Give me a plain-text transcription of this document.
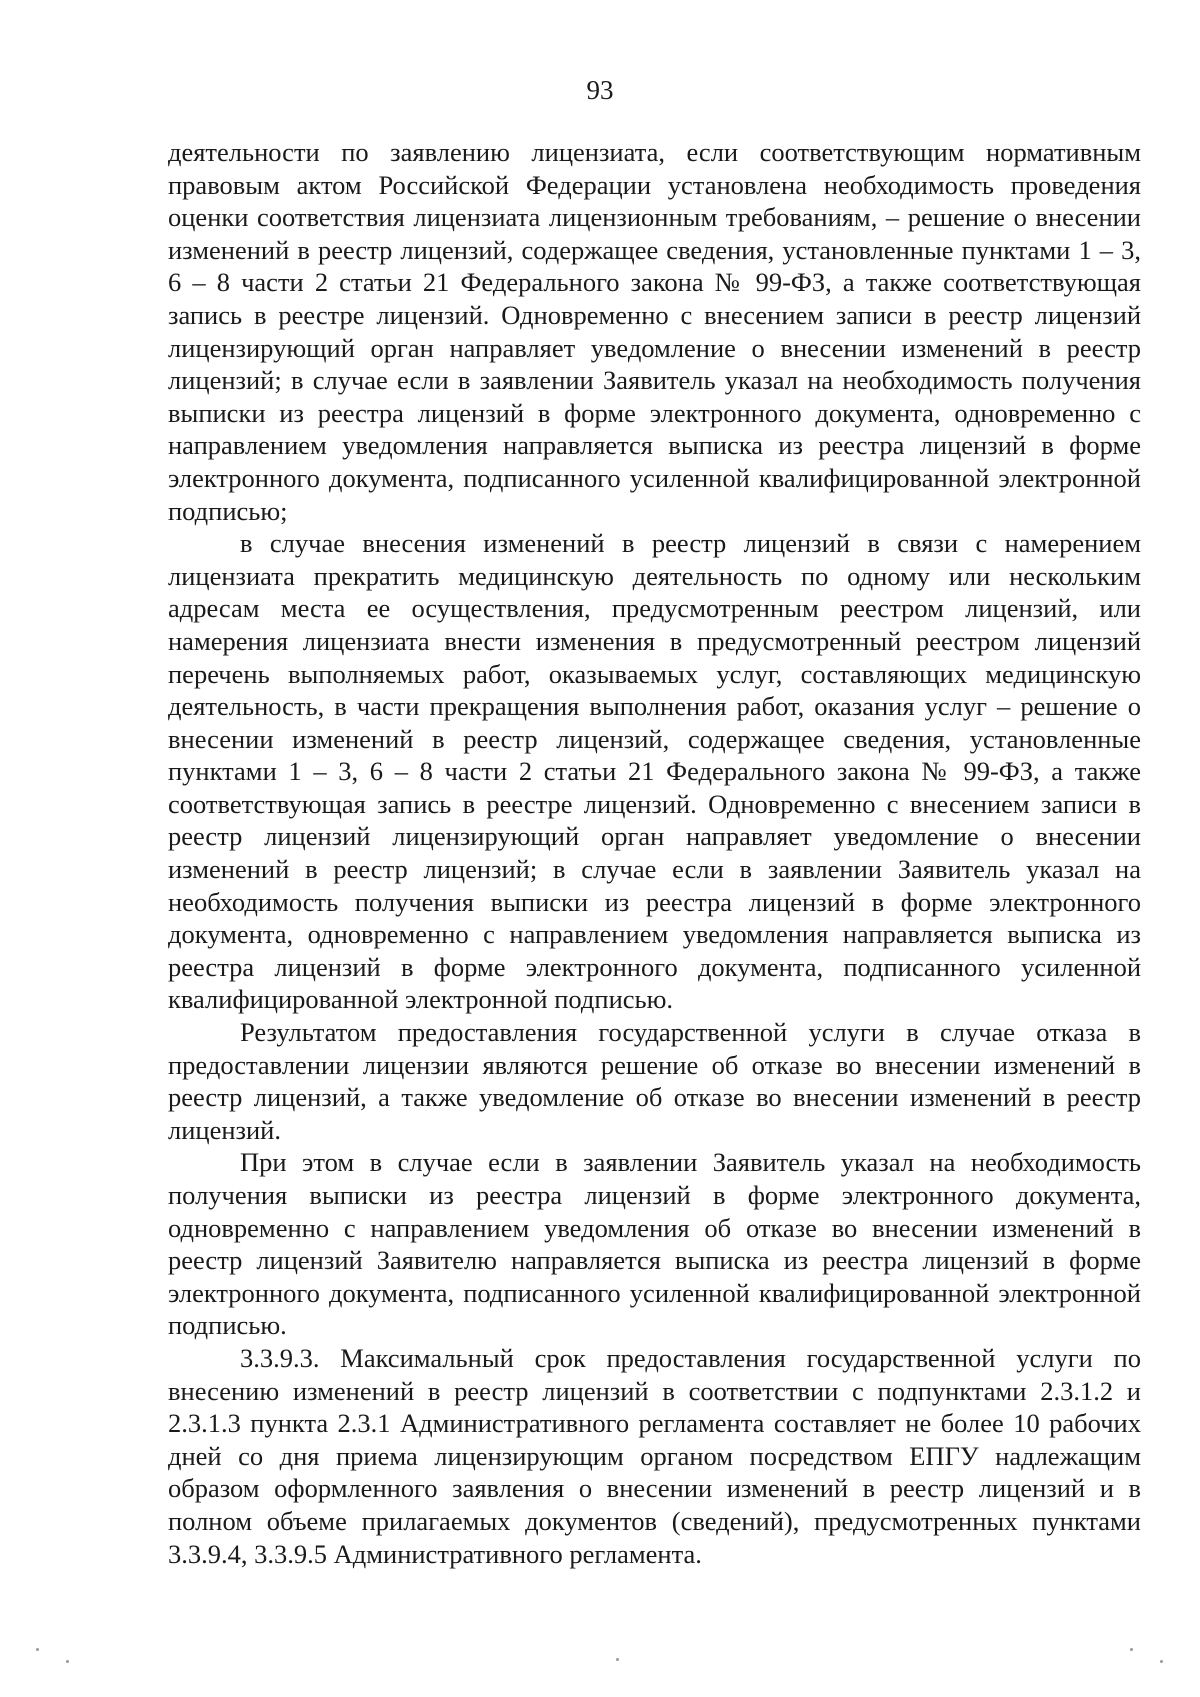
93

деятельности по заявлению лицензиата, если соответствующим нормативным правовым актом Российской Федерации установлена необходимость проведения оценки соответствия лицензиата лицензионным требованиям, – решение о внесении изменений в реестр лицензий, содержащее сведения, установленные пунктами 1 – 3, 6 – 8 части 2 статьи 21 Федерального закона № 99-ФЗ, а также соответствующая запись в реестре лицензий. Одновременно с внесением записи в реестр лицензий лицензирующий орган направляет уведомление о внесении изменений в реестр лицензий; в случае если в заявлении Заявитель указал на необходимость получения выписки из реестра лицензий в форме электронного документа, одновременно с направлением уведомления направляется выписка из реестра лицензий в форме электронного документа, подписанного усиленной квалифицированной электронной подписью;

в случае внесения изменений в реестр лицензий в связи с намерением лицензиата прекратить медицинскую деятельность по одному или нескольким адресам места ее осуществления, предусмотренным реестром лицензий, или намерения лицензиата внести изменения в предусмотренный реестром лицензий перечень выполняемых работ, оказываемых услуг, составляющих медицинскую деятельность, в части прекращения выполнения работ, оказания услуг – решение о внесении изменений в реестр лицензий, содержащее сведения, установленные пунктами 1 – 3, 6 – 8 части 2 статьи 21 Федерального закона № 99-ФЗ, а также соответствующая запись в реестре лицензий. Одновременно с внесением записи в реестр лицензий лицензирующий орган направляет уведомление о внесении изменений в реестр лицензий; в случае если в заявлении Заявитель указал на необходимость получения выписки из реестра лицензий в форме электронного документа, одновременно с направлением уведомления направляется выписка из реестра лицензий в форме электронного документа, подписанного усиленной квалифицированной электронной подписью.

Результатом предоставления государственной услуги в случае отказа в предоставлении лицензии являются решение об отказе во внесении изменений в реестр лицензий, а также уведомление об отказе во внесении изменений в реестр лицензий.

При этом в случае если в заявлении Заявитель указал на необходимость получения выписки из реестра лицензий в форме электронного документа, одновременно с направлением уведомления об отказе во внесении изменений в реестр лицензий Заявителю направляется выписка из реестра лицензий в форме электронного документа, подписанного усиленной квалифицированной электронной подписью.

3.3.9.3. Максимальный срок предоставления государственной услуги по внесению изменений в реестр лицензий в соответствии с подпунктами 2.3.1.2 и 2.3.1.3 пункта 2.3.1 Административного регламента составляет не более 10 рабочих дней со дня приема лицензирующим органом посредством ЕПГУ надлежащим образом оформленного заявления о внесении изменений в реестр лицензий и в полном объеме прилагаемых документов (сведений), предусмотренных пунктами 3.3.9.4, 3.3.9.5 Административного регламента.
